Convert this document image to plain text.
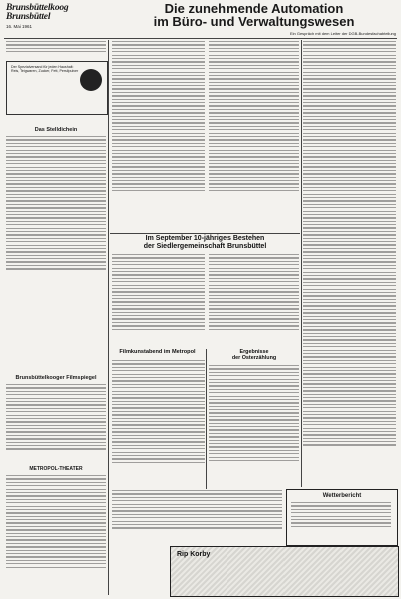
Brunsbüttelkoog
Brunsbüttel
16. Mai 1961
Die zunehmende Automation
im Büro- und Verwaltungswesen
Ein Gespräch mit dem Leiter der DGB-Bundesfachabteilung
Der Spezialversand für jeden Haushalt: Reis, Teigwaren, Zucker, Fett, Persilpulver
Das Stelldichein
Brunsbüttelkooger Filmspiegel
METROPOL-THEATER
Im September 10-jähriges Bestehen
der Siedlergemeinschaft Brunsbüttel
Filmkunstabend im Metropol	Ergebnisse
der Osterzählung
Wetterbericht
Rip Korby
